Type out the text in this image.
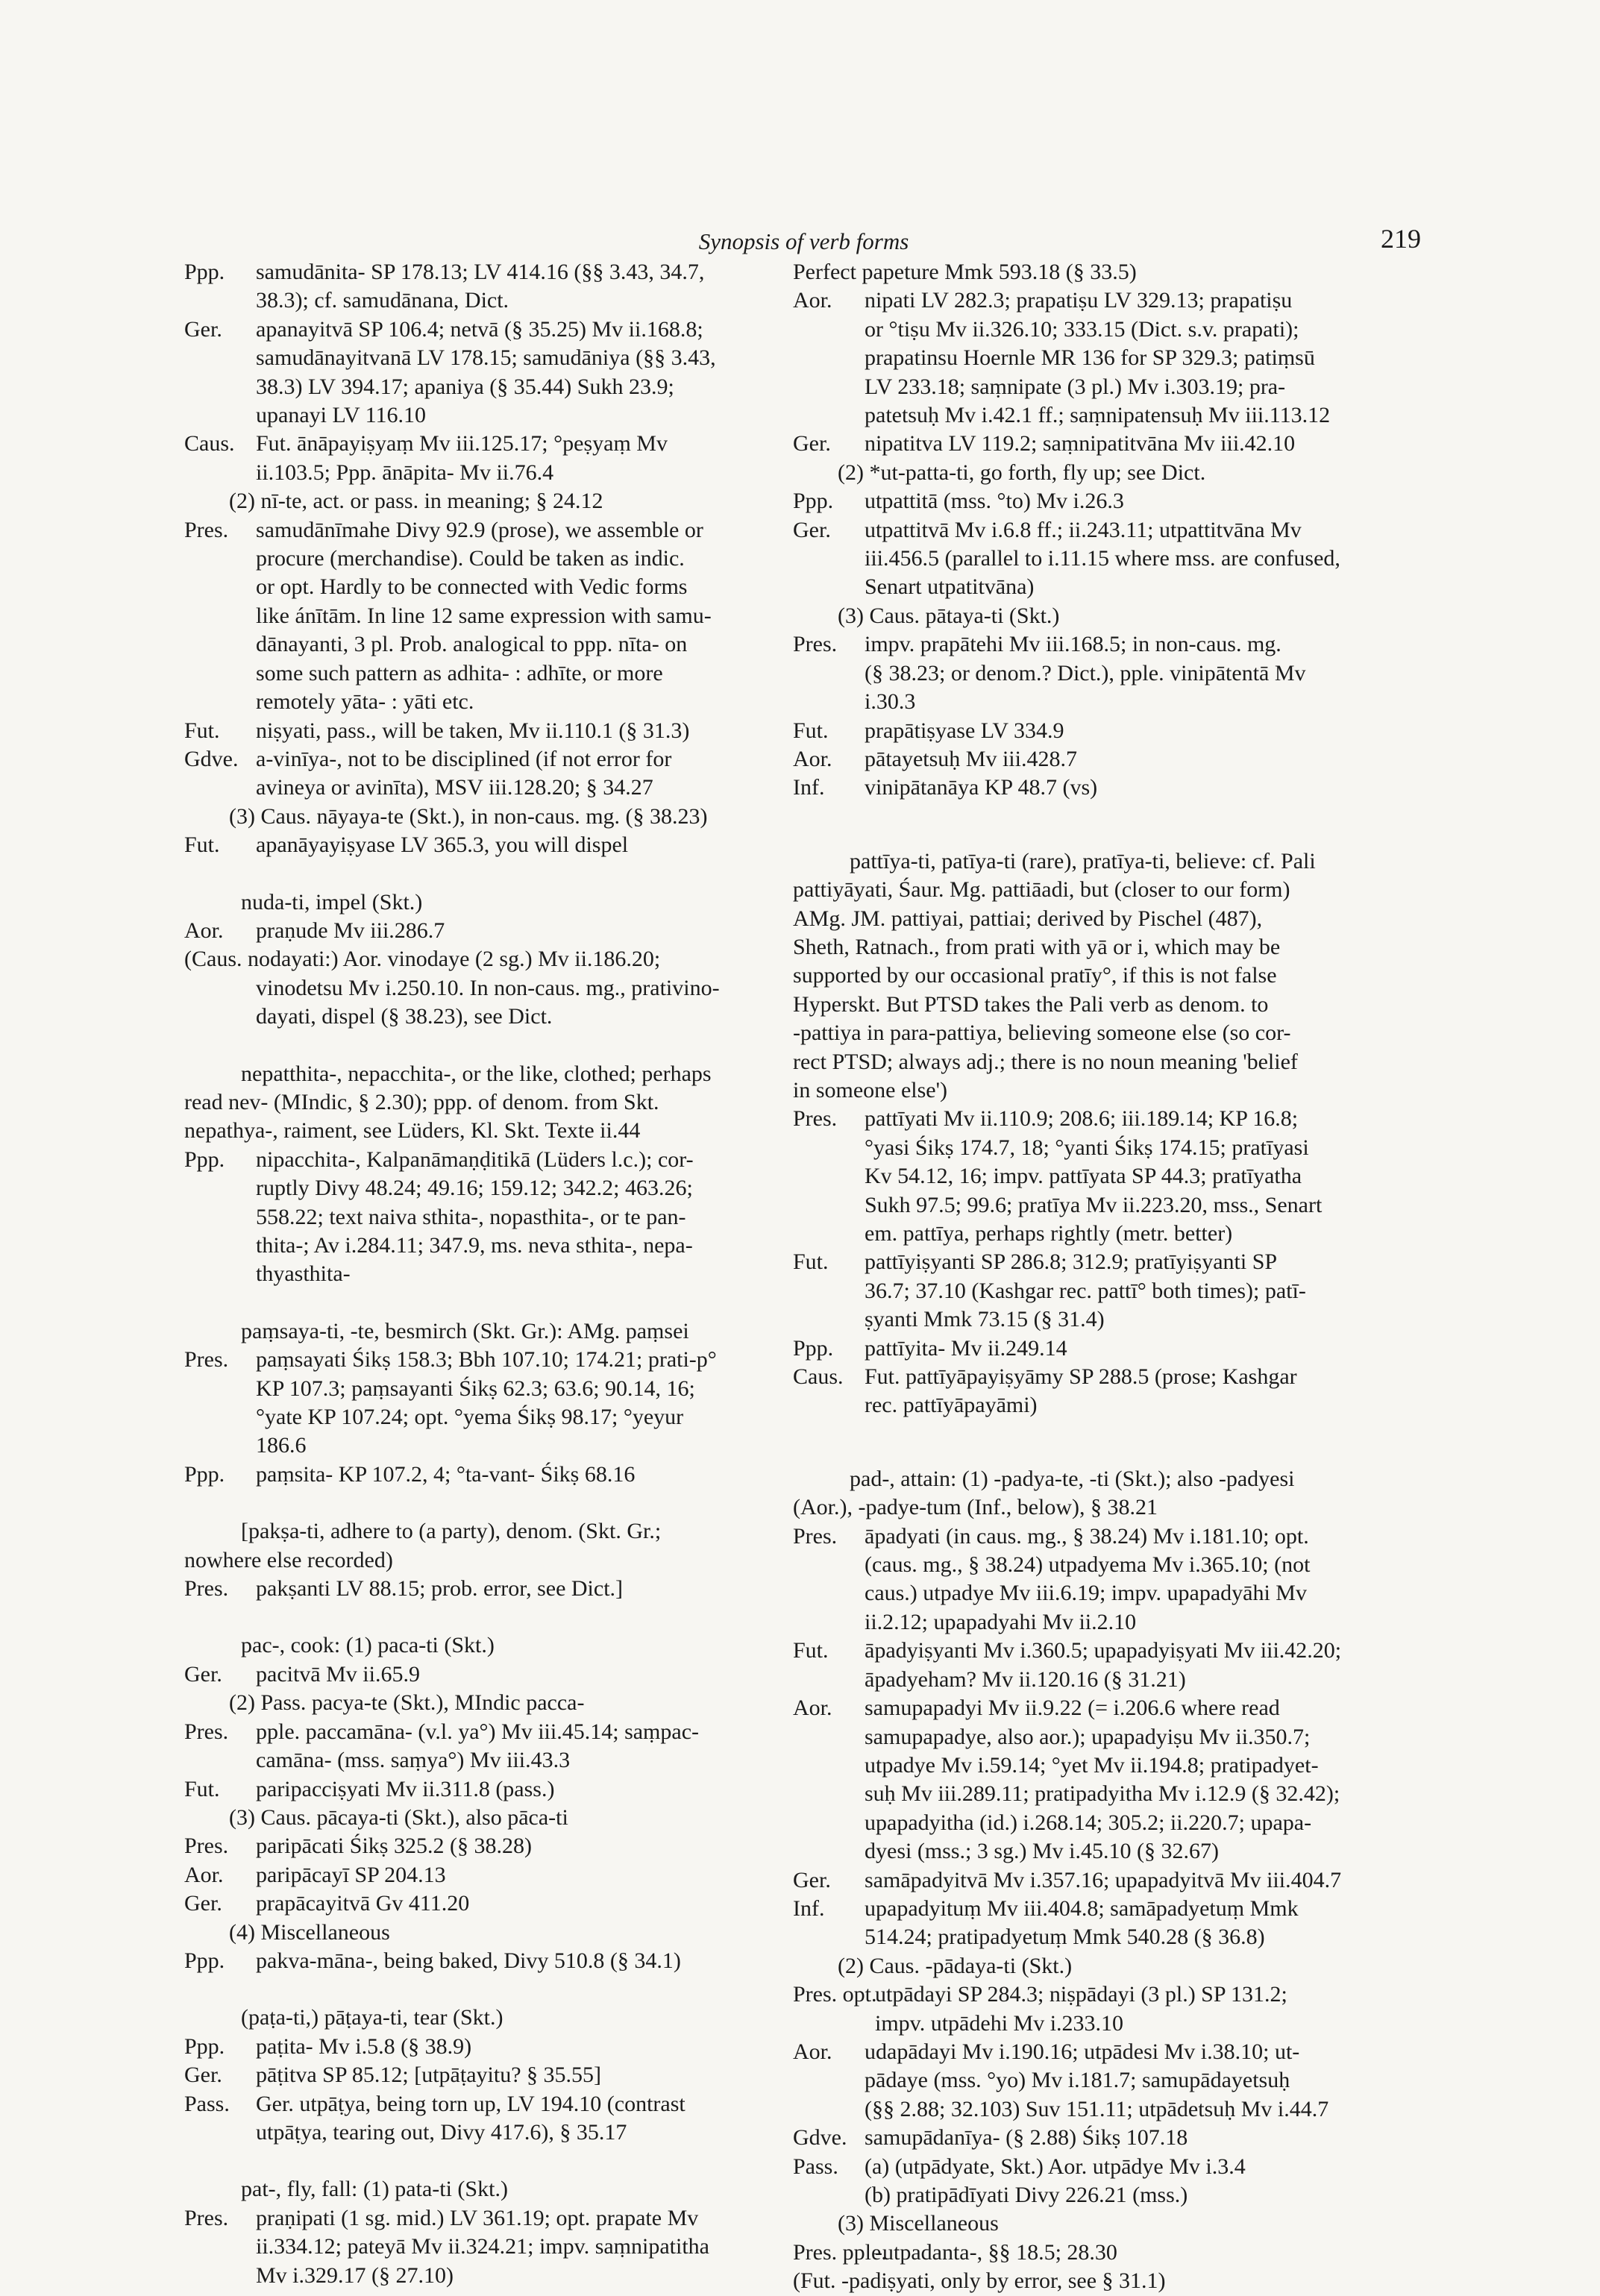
Synopsis of verb forms	219
Ppp.	samudānita- SP 178.13; LV 414.16 (§§ 3.43, 34.7,
38.3); cf. samudānana, Dict.
Ger.	apanayitvā SP 106.4; netvā (§ 35.25) Mv ii.168.8;
samudānayitvanā LV 178.15; samudāniya (§§ 3.43,
38.3) LV 394.17; apaniya (§ 35.44) Sukh 23.9;
upanayi LV 116.10
Caus. Fut. ānāpayiṣyaṃ Mv iii.125.17; °peṣyaṃ Mv
ii.103.5; Ppp. ānāpita- Mv ii.76.4
(2) nī-te, act. or pass. in meaning; § 24.12
Pres.	samudānīmahe Divy 92.9 (prose), we assemble or
procure (merchandise). Could be taken as indic.
or opt. Hardly to be connected with Vedic forms
like ánītām. In line 12 same expression with samu-
dānayanti, 3 pl. Prob. analogical to ppp. nīta- on
some such pattern as adhita- : adhīte, or more
remotely yāta- : yāti etc.
Fut.	niṣyati, pass., will be taken, Mv ii.110.1 (§ 31.3)
Gdve. a-vinīya-, not to be disciplined (if not error for
avineya or avinīta), MSV iii.128.20; § 34.27
(3) Caus. nāyaya-te (Skt.), in non-caus. mg. (§ 38.23)
Fut.	apanāyayiṣyase LV 365.3, you will dispel
nuda-ti, impel (Skt.)
Aor.	praṇude Mv iii.286.7
(Caus. nodayati:) Aor. vinodaye (2 sg.) Mv ii.186.20;
vinodetsu Mv i.250.10. In non-caus. mg., prativino-
dayati, dispel (§ 38.23), see Dict.
nepatthita-, nepacchita-, or the like, clothed; perhaps
read nev- (MIndic, § 2.30); ppp. of denom. from Skt.
nepathya-, raiment, see Lüders, Kl. Skt. Texte ii.44
Ppp.	nipacchita-, Kalpanāmaṇḍitikā (Lüders l.c.); cor-
ruptly Divy 48.24; 49.16; 159.12; 342.2; 463.26;
558.22; text naiva sthita-, nopasthita-, or te pan-
thita-; Av i.284.11; 347.9, ms. neva sthita-, nepa-
thyasthita-
paṃsaya-ti, -te, besmirch (Skt. Gr.): AMg. paṃsei
Pres.	paṃsayati Śikṣ 158.3; Bbh 107.10; 174.21; prati-p°
KP 107.3; paṃsayanti Śikṣ 62.3; 63.6; 90.14, 16;
°yate KP 107.24; opt. °yema Śikṣ 98.17; °yeyur
186.6
Ppp.	paṃsita- KP 107.2, 4; °ta-vant- Śikṣ 68.16
[pakṣa-ti, adhere to (a party), denom. (Skt. Gr.;
nowhere else recorded)
Pres.	pakṣanti LV 88.15; prob. error, see Dict.]
pac-, cook: (1) paca-ti (Skt.)
Ger.	pacitvā Mv ii.65.9
(2) Pass. pacya-te (Skt.), MIndic pacca-
Pres.	pple. paccamāna- (v.l. ya°) Mv iii.45.14; saṃpac-
camāna- (mss. saṃya°) Mv iii.43.3
Fut.	paripacciṣyati Mv ii.311.8 (pass.)
(3) Caus. pācaya-ti (Skt.), also pāca-ti
Pres.	paripācati Śikṣ 325.2 (§ 38.28)
Aor.	paripācayī SP 204.13
Ger.	prapācayitvā Gv 411.20
(4) Miscellaneous
Ppp.	pakva-māna-, being baked, Divy 510.8 (§ 34.1)
(paṭa-ti,) pāṭaya-ti, tear (Skt.)
Ppp.	paṭita- Mv i.5.8 (§ 38.9)
Ger.	pāṭitva SP 85.12; [utpāṭayitu? § 35.55]
Pass.	Ger. utpāṭya, being torn up, LV 194.10 (contrast
utpāṭya, tearing out, Divy 417.6), § 35.17
pat-, fly, fall: (1) pata-ti (Skt.)
Pres.	praṇipati (1 sg. mid.) LV 361.19; opt. prapate Mv
ii.334.12; pateyā Mv ii.324.21; impv. saṃnipatitha
Mv i.329.17 (§ 27.10)
Perfect papeture Mmk 593.18 (§ 33.5)
Aor.	nipati LV 282.3; prapatiṣu LV 329.13; prapatiṣu
or °tiṣu Mv ii.326.10; 333.15 (Dict. s.v. prapati);
prapatinsu Hoernle MR 136 for SP 329.3; patiṃsū
LV 233.18; saṃnipate (3 pl.) Mv i.303.19; pra-
patetsuḥ Mv i.42.1 ff.; saṃnipatensuḥ Mv iii.113.12
Ger.	nipatitva LV 119.2; saṃnipatitvāna Mv iii.42.10
(2) *ut-patta-ti, go forth, fly up; see Dict.
Ppp.	utpattitā (mss. °to) Mv i.26.3
Ger.	utpattitvā Mv i.6.8 ff.; ii.243.11; utpattitvāna Mv
iii.456.5 (parallel to i.11.15 where mss. are confused,
Senart utpatitvāna)
(3) Caus. pātaya-ti (Skt.)
Pres.	impv. prapātehi Mv iii.168.5; in non-caus. mg.
(§ 38.23; or denom.? Dict.), pple. vinipātentā Mv
i.30.3
Fut.	prapātiṣyase LV 334.9
Aor.	pātayetsuḥ Mv iii.428.7
Inf.	vinipātanāya KP 48.7 (vs)
pattīya-ti, patīya-ti (rare), pratīya-ti, believe: cf. Pali
pattiyāyati, Śaur. Mg. pattiāadi, but (closer to our form)
AMg. JM. pattiyai, pattiai; derived by Pischel (487),
Sheth, Ratnach., from prati with yā or i, which may be
supported by our occasional pratīy°, if this is not false
Hyperskt. But PTSD takes the Pali verb as denom. to
-pattiya in para-pattiya, believing someone else (so cor-
rect PTSD; always adj.; there is no noun meaning 'belief
in someone else')
Pres.	pattīyati Mv ii.110.9; 208.6; iii.189.14; KP 16.8;
°yasi Śikṣ 174.7, 18; °yanti Śikṣ 174.15; pratīyasi
Kv 54.12, 16; impv. pattīyata SP 44.3; pratīyatha
Sukh 97.5; 99.6; pratīya Mv ii.223.20, mss., Senart
em. pattīya, perhaps rightly (metr. better)
Fut.	pattīyiṣyanti SP 286.8; 312.9; pratīyiṣyanti SP
36.7; 37.10 (Kashgar rec. pattī° both times); patī-
ṣyanti Mmk 73.15 (§ 31.4)
Ppp.	pattīyita- Mv ii.249.14
Caus. Fut. pattīyāpayiṣyāmy SP 288.5 (prose; Kashgar
rec. pattīyāpayāmi)
pad-, attain: (1) -padya-te, -ti (Skt.); also -padyesi
(Aor.), -padye-tum (Inf., below), § 38.21
Pres.	āpadyati (in caus. mg., § 38.24) Mv i.181.10; opt.
(caus. mg., § 38.24) utpadyema Mv i.365.10; (not
caus.) utpadye Mv iii.6.19; impv. upapadyāhi Mv
ii.2.12; upapadyahi Mv ii.2.10
Fut.	āpadyiṣyanti Mv i.360.5; upapadyiṣyati Mv iii.42.20;
āpadyeham? Mv ii.120.16 (§ 31.21)
Aor.	samupapadyi Mv ii.9.22 (= i.206.6 where read
samupapadye, also aor.); upapadyiṣu Mv ii.350.7;
utpadye Mv i.59.14; °yet Mv ii.194.8; pratipadyet-
suḥ Mv iii.289.11; pratipadyitha Mv i.12.9 (§ 32.42);
upapadyitha (id.) i.268.14; 305.2; ii.220.7; upapa-
dyesi (mss.; 3 sg.) Mv i.45.10 (§ 32.67)
Ger.	samāpadyitvā Mv i.357.16; upapadyitvā Mv iii.404.7
Inf.	upapadyituṃ Mv iii.404.8; samāpadyetuṃ Mmk
514.24; pratipadyetuṃ Mmk 540.28 (§ 36.8)
(2) Caus. -pādaya-ti (Skt.)
Pres. opt.
utpādayi SP 284.3; niṣpādayi (3 pl.) SP 131.2;
impv. utpādehi Mv i.233.10
Aor.	udapādayi Mv i.190.16; utpādesi Mv i.38.10; ut-
pādaye (mss. °yo) Mv i.181.7; samupādayetsuḥ
(§§ 2.88; 32.103) Suv 151.11; utpādetsuḥ Mv i.44.7
Gdve. samupādanīya- (§ 2.88) Śikṣ 107.18
Pass.	(a) (utpādyate, Skt.) Aor. utpādye Mv i.3.4
(b) pratipādīyati Divy 226.21 (mss.)
(3) Miscellaneous
Pres. pple.
-utpadanta-, §§ 18.5; 28.30
(Fut. -padiṣyati, only by error, see § 31.1)
